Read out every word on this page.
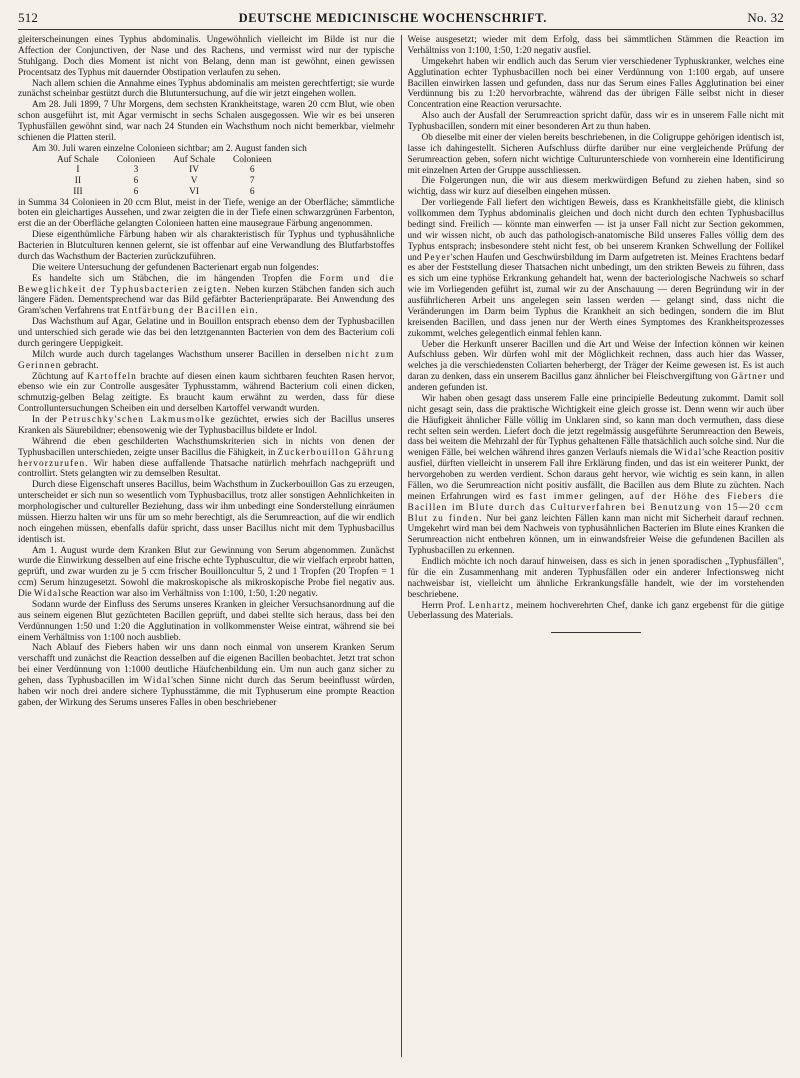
512	DEUTSCHE MEDICINISCHE WOCHENSCHRIFT.	No. 32

gleiterscheinungen eines Typhus abdominalis. Ungewöhnlich vielleicht im Bilde ist nur die Affection der Conjunctiven, der Nase und des Rachens, und vermisst wird nur der typische Stuhlgang. Doch dies Moment ist nicht von Belang, denn man ist gewöhnt, einen gewissen Procentsatz des Typhus mit dauernder Obstipation verlaufen zu sehen.

Nach allem schien die Annahme eines Typhus abdominalis am meisten gerechtfertigt; sie wurde zunächst scheinbar gestützt durch die Blutuntersuchung, auf die wir jetzt eingehen wollen.

Am 28. Juli 1899, 7 Uhr Morgens, dem sechsten Krankheitstage, waren 20 ccm Blut, wie oben schon ausgeführt ist, mit Agar vermischt in sechs Schalen ausgegossen. Wie wir es bei unseren Typhusfällen gewöhnt sind, war nach 24 Stunden ein Wachsthum noch nicht bemerkbar, vielmehr schienen die Platten steril.

Am 30. Juli waren einzelne Colonieen sichtbar; am 2. August fanden sich

Auf Schale	Colonieen	Auf Schale	Colonieen
I	3	IV	6
II	6	V	7
III	6	VI	6

in Summa 34 Colonieen in 20 ccm Blut, meist in der Tiefe, wenige an der Oberfläche; sämmtliche boten ein gleichartiges Aussehen, und zwar zeigten die in der Tiefe einen schwarzgrünen Farbenton, erst die an der Oberfläche gelangten Colonieen hatten eine mausegraue Färbung angenommen.

Diese eigenthümliche Färbung haben wir als charakteristisch für Typhus und typhusähnliche Bacterien in Blutculturen kennen gelernt, sie ist offenbar auf eine Verwandlung des Blutfarbstoffes durch das Wachsthum der Bacterien zurückzuführen.

Die weitere Untersuchung der gefundenen Bacterienart ergab nun folgendes:

Es handelte sich um Stäbchen, die im hängenden Tropfen die Form und die Beweglichkeit der Typhusbacterien zeigten. Neben kurzen Stäbchen fanden sich auch längere Fäden. Dementsprechend war das Bild gefärbter Bacterienpräparate. Bei Anwendung des Gram'schen Verfahrens trat Entfärbung der Bacillen ein.

Das Wachsthum auf Agar, Gelatine und in Bouillon entsprach ebenso dem der Typhusbacillen und unterschied sich gerade wie das bei den letztgenannten Bacterien von dem des Bacterium coli durch geringere Ueppigkeit.

Milch wurde auch durch tagelanges Wachsthum unserer Bacillen in derselben nicht zum Gerinnen gebracht.

Züchtung auf Kartoffeln brachte auf diesen einen kaum sichtbaren feuchten Rasen hervor, ebenso wie ein zur Controlle ausgesäter Typhusstamm, während Bacterium coli einen dicken, schmutzig-gelben Belag zeitigte. Es braucht kaum erwähnt zu werden, dass für diese Controlluntersuchungen Scheiben ein und derselben Kartoffel verwandt wurden.

In der Petruschky'schen Lakmusmolke gezüchtet, erwies sich der Bacillus unseres Kranken als Säurebildner; ebensowenig wie der Typhusbacillus bildete er Indol.

Während die eben geschilderten Wachsthumskriterien sich in nichts von denen der Typhusbacillen unterschieden, zeigte unser Bacillus die Fähigkeit, in Zuckerbouillon Gährung hervorzurufen. Wir haben diese auffallende Thatsache natürlich mehrfach nachgeprüft und controllirt. Stets gelangten wir zu demselben Resultat.

Durch diese Eigenschaft unseres Bacillus, beim Wachsthum in Zuckerbouillon Gas zu erzeugen, unterscheidet er sich nun so wesentlich vom Typhusbacillus, trotz aller sonstigen Aehnlichkeiten in morphologischer und cultureller Beziehung, dass wir ihm unbedingt eine Sonderstellung einräumen müssen. Hierzu halten wir uns für um so mehr berechtigt, als die Serumreaction, auf die wir endlich noch eingehen müssen, ebenfalls dafür spricht, dass unser Bacillus nicht mit dem Typhusbacillus identisch ist.

Am 1. August wurde dem Kranken Blut zur Gewinnung von Serum abgenommen. Zunächst wurde die Einwirkung desselben auf eine frische echte Typhuscultur, die wir vielfach erprobt hatten, geprüft, und zwar wurden zu je 5 ccm frischer Bouilloncultur 5, 2 und 1 Tropfen (20 Tropfen = 1 ccm) Serum hinzugesetzt. Sowohl die makroskopische als mikroskopische Probe fiel negativ aus. Die Widalsche Reaction war also im Verhältniss von 1:100, 1:50, 1:20 negativ.

Sodann wurde der Einfluss des Serums unseres Kranken in gleicher Versuchsanordnung auf die aus seinem eigenen Blut gezüchteten Bacillen geprüft, und dabei stellte sich heraus, dass bei den Verdünnungen 1:50 und 1:20 die Agglutination in vollkommenster Weise eintrat, während sie bei einem Verhältniss von 1:100 noch ausblieb.

Nach Ablauf des Fiebers haben wir uns dann noch einmal von unserem Kranken Serum verschafft und zunächst die Reaction desselben auf die eigenen Bacillen beobachtet. Jetzt trat schon bei einer Verdünnung von 1:1000 deutliche Häufchenbildung ein. Um nun auch ganz sicher zu gehen, dass Typhusbacillen im Widal'schen Sinne nicht durch das Serum beeinflusst würden, haben wir noch drei andere sichere Typhusstämme, die mit Typhuserum eine prompte Reaction gaben, der Wirkung des Serums unseres Falles in oben beschriebener

Weise ausgesetzt; wieder mit dem Erfolg, dass bei sämmtlichen Stämmen die Reaction im Verhältniss von 1:100, 1:50, 1:20 negativ ausfiel.

Umgekehrt haben wir endlich auch das Serum vier verschiedener Typhuskranker, welches eine Agglutination echter Typhusbacillen noch bei einer Verdünnung von 1:100 ergab, auf unsere Bacillen einwirken lassen und gefunden, dass nur das Serum eines Falles Agglutination bei einer Verdünnung bis zu 1:20 hervorbrachte, während das der übrigen Fälle selbst nicht in dieser Concentration eine Reaction verursachte.

Also auch der Ausfall der Serumreaction spricht dafür, dass wir es in unserem Falle nicht mit Typhusbacillen, sondern mit einer besonderen Art zu thun haben.

Ob dieselbe mit einer der vielen bereits beschriebenen, in die Coligruppe gehörigen identisch ist, lasse ich dahingestellt. Sicheren Aufschluss dürfte darüber nur eine vergleichende Prüfung der Serumreaction geben, sofern nicht wichtige Culturunterschiede von vornherein eine Identificirung mit einzelnen Arten der Gruppe ausschliessen.

Die Folgerungen nun, die wir aus diesem merkwürdigen Befund zu ziehen haben, sind so wichtig, dass wir kurz auf dieselben eingehen müssen.

Der vorliegende Fall liefert den wichtigen Beweis, dass es Krankheitsfälle giebt, die klinisch vollkommen dem Typhus abdominalis gleichen und doch nicht durch den echten Typhusbacillus bedingt sind. Freilich — könnte man einwerfen — ist ja unser Fall nicht zur Section gekommen, und wir wissen nicht, ob auch das pathologisch-anatomische Bild unseres Falles völlig dem des Typhus entsprach; insbesondere steht nicht fest, ob bei unserem Kranken Schwellung der Follikel und Peyer'schen Haufen und Geschwürsbildung im Darm aufgetreten ist. Meines Erachtens bedarf es aber der Feststellung dieser Thatsachen nicht unbedingt, um den strikten Beweis zu führen, dass es sich um eine typhöse Erkrankung gehandelt hat, wenn der bacteriologische Nachweis so scharf wie im Vorliegenden geführt ist, zumal wir zu der Anschauung — deren Begründung wir in der ausführlicheren Arbeit uns angelegen sein lassen werden — gelangt sind, dass nicht die Veränderungen im Darm beim Typhus die Krankheit an sich bedingen, sondern die im Blut kreisenden Bacillen, und dass jenen nur der Werth eines Symptomes des Krankheitsprozesses zukommt, welches gelegentlich einmal fehlen kann.

Ueber die Herkunft unserer Bacillen und die Art und Weise der Infection können wir keinen Aufschluss geben. Wir dürfen wohl mit der Möglichkeit rechnen, dass auch hier das Wasser, welches ja die verschiedensten Coliarten beherbergt, der Träger der Keime gewesen ist. Es ist auch daran zu denken, dass ein unserem Bacillus ganz ähnlicher bei Fleischvergiftung von Gärtner und anderen gefunden ist.

Wir haben oben gesagt dass unserem Falle eine principielle Bedeutung zukommt. Damit soll nicht gesagt sein, dass die praktische Wichtigkeit eine gleich grosse ist. Denn wenn wir auch über die Häufigkeit ähnlicher Fälle völlig im Unklaren sind, so kann man doch vermuthen, dass diese recht selten sein werden. Liefert doch die jetzt regelmässig ausgeführte Serumreaction den Beweis, dass bei weitem die Mehrzahl der für Typhus gehaltenen Fälle thatsächlich auch solche sind. Nur die wenigen Fälle, bei welchen während ihres ganzen Verlaufs niemals die Widal'sche Reaction positiv ausfiel, dürften vielleicht in unserem Fall ihre Erklärung finden, und das ist ein weiterer Punkt, der hervorgehoben zu werden verdient. Schon daraus geht hervor, wie wichtig es sein kann, in allen Fällen, wo die Serumreaction nicht positiv ausfällt, die Bacillen aus dem Blute zu züchten. Nach meinen Erfahrungen wird es fast immer gelingen, auf der Höhe des Fiebers die Bacillen im Blute durch das Culturverfahren bei Benutzung von 15—20 ccm Blut zu finden. Nur bei ganz leichten Fällen kann man nicht mit Sicherheit darauf rechnen. Umgekehrt wird man bei dem Nachweis von typhusähnlichen Bacterien im Blute eines Kranken die Serumreaction nicht entbehren können, um in einwandsfreier Weise die gefundenen Bacillen als Typhusbacillen zu erkennen.

Endlich möchte ich noch darauf hinweisen, dass es sich in jenen sporadischen „Typhusfällen", für die ein Zusammenhang mit anderen Typhusfällen oder ein anderer Infectionsweg nicht nachweisbar ist, vielleicht um ähnliche Erkrankungsfälle handelt, wie der im vorstehenden beschriebene.

Herrn Prof. Lenhartz, meinem hochverehrten Chef, danke ich ganz ergebenst für die gütige Ueberlassung des Materials.
